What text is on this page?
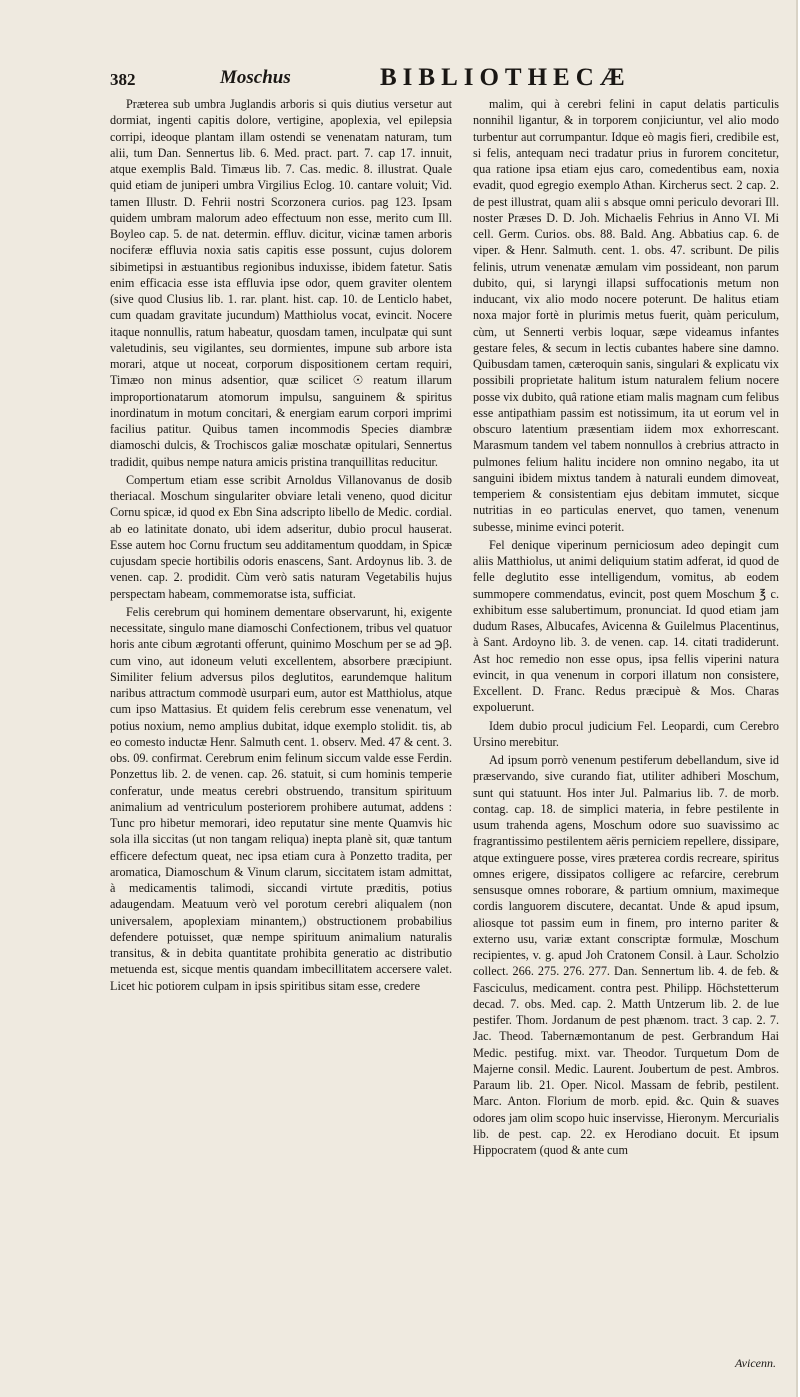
382	Moschus	BIBLIOTHECÆ

Præterea sub umbra Juglandis arboris si quis diutius versetur aut dormiat, ingenti capitis dolore, vertigine, apoplexia, vel epilepsia corripi, ideoque plantam illam ostendi se venenatam naturam, tum alii, tum Dan. Sennertus lib. 6. Med. pract. part. 7. cap 17. innuit, atque exemplis Bald. Timæus lib. 7. Cas. medic. 8. illustrat. Quale quid etiam de juniperi umbra Virgilius Eclog. 10. cantare voluit; Vid. tamen Illustr. D. Fehrii nostri Scorzonera curios. pag 123. Ipsam quidem umbram malorum adeo effectuum non esse, merito cum Ill. Boyleo cap. 5. de nat. determin. effluv. dicitur, vicinæ tamen arboris nociferæ effluvia noxia satis capitis esse possunt, cujus dolorem sibimetipsi in æstuantibus regionibus induxisse, ibidem fatetur. Satis enim efficacia esse ista effluvia ipse odor, quem graviter olentem (sive quod Clusius lib. 1. rar. plant. hist. cap. 10. de Lenticlo habet, cum quadam gravitate jucundum) Matthiolus vocat, evincit. Nocere itaque nonnullis, ratum habeatur, quosdam tamen, inculpatæ qui sunt valetudinis, seu vigilantes, seu dormientes, impune sub arbore ista morari, atque ut noceat, corporum dispositionem certam requiri, Timæo non minus adsentior, quæ scilicet ☉ reatum illarum improportionatarum atomorum impulsu, sanguinem & spiritus inordinatum in motum concitari, & energiam earum corpori imprimi facilius patitur. Quibus tamen incommodis Species diambræ diamoschi dulcis, & Trochiscos galiæ moschatæ opitulari, Sennertus tradidit, quibus nempe natura amicis pristina tranquillitas reducitur.

Compertum etiam esse scribit Arnoldus Villanovanus de dosib theriacal. Moschum singulariter obviare letali veneno, quod dicitur Cornu spicæ, id quod ex Ebn Sina adscripto libello de Medic. cordial. ab eo latinitate donato, ubi idem adseritur, dubio procul hauserat. Esse autem hoc Cornu fructum seu additamentum quoddam, in Spicæ cujusdam specie hortibilis odoris enascens, Sant. Ardoynus lib. 3. de venen. cap. 2. prodidit. Cùm verò satis naturam Vegetabilis hujus perspectam habeam, commemoratse ista, sufficiat.

Felis cerebrum qui hominem dementare observarunt, hi, exigente necessitate, singulo mane diamoschi Confectionem, tribus vel quatuor horis ante cibum ægrotanti offerunt, quinimo Moschum per se ad ℈β. cum vino, aut idoneum veluti excellentem, absorbere præcipiunt. Similiter felium adversus pilos deglutitos, earundemque halitum naribus attractum commodè usurpari eum, autor est Matthiolus, atque cum ipso Mattasius. Et quidem felis cerebrum esse venenatum, vel potius noxium, nemo amplius dubitat, idque exemplo stolidit. tis, ab eo comesto inductæ Henr. Salmuth cent. 1. observ. Med. 47 & cent. 3. obs. 09. confirmat. Cerebrum enim felinum siccum valde esse Ferdin. Ponzettus lib. 2. de venen. cap. 26. statuit, si cum hominis temperie conferatur, unde meatus cerebri obstruendo, transitum spirituum animalium ad ventriculum posteriorem prohibere autumat, addens : Tunc pro hibetur memorari, ideo reputatur sine mente Quamvis hic sola illa siccitas (ut non tangam reliqua) inepta planè sit, quæ tantum efficere defectum queat, nec ipsa etiam cura à Ponzetto tradita, per aromatica, Diamoschum & Vinum clarum, siccitatem istam admittat, à medicamentis talimodi, siccandi virtute præditis, potius adaugendam. Meatuum verò vel porotum cerebri aliqualem (non universalem, apoplexiam minantem,) obstructionem probabilius defendere potuisset, quæ nempe spirituum animalium naturalis transitus, & in debita quantitate prohibita generatio ac distributio metuenda est, sicque mentis quandam imbecillitatem accersere valet. Licet hic potiorem culpam in ipsis spiritibus sitam esse, credere

malim, qui à cerebri felini in caput delatis particulis nonnihil ligantur, & in torporem conjiciuntur, vel alio modo turbentur aut corrumpantur. Idque eò magis fieri, credibile est, si felis, antequam neci tradatur prius in furorem concitetur, qua ratione ipsa etiam ejus caro, comedentibus eam, noxia evadit, quod egregio exemplo Athan. Kircherus sect. 2 cap. 2. de pest illustrat, quam alii s absque omni periculo devorari Ill. noster Præses D. D. Joh. Michaelis Fehrius in Anno VI. Mi cell. Germ. Curios. obs. 88. Bald. Ang. Abbatius cap. 6. de viper. & Henr. Salmuth. cent. 1. obs. 47. scribunt. De pilis felinis, utrum venenatæ æmulam vim possideant, non parum dubito, qui, si laryngi illapsi suffocationis metum non inducant, vix alio modo nocere poterunt. De halitus etiam noxa major fortè in plurimis metus fuerit, quàm periculum, cùm, ut Sennerti verbis loquar, sæpe videamus infantes gestare feles, & secum in lectis cubantes habere sine damno. Quibusdam tamen, cæteroquin sanis, singulari & explicatu vix possibili proprietate halitum istum naturalem felium nocere posse vix dubito, quâ ratione etiam malis magnam cum felibus esse antipathiam passim est notissimum, ita ut eorum vel in obscuro latentium præsentiam iidem mox exhorrescant. Marasmum tandem vel tabem nonnullos à crebrius attracto in pulmones felium halitu incidere non omnino negabo, ita ut sanguini ibidem mixtus tandem à naturali eundem dimoveat, temperiem & consistentiam ejus debitam immutet, sicque nutritias in eo particulas enervet, quo tamen, venenum subesse, minime evinci poterit.

Fel denique viperinum perniciosum adeo depingit cum aliis Matthiolus, ut animi deliquium statim adferat, id quod de felle deglutito esse intelligendum, vomitus, ab eodem summopere commendatus, evincit, post quem Moschum ℥ c. exhibitum esse salubertimum, pronunciat. Id quod etiam jam dudum Rases, Albucafes, Avicenna & Guilelmus Placentinus, à Sant. Ardoyno lib. 3. de venen. cap. 14. citati tradiderunt. Ast hoc remedio non esse opus, ipsa fellis viperini natura evincit, in qua venenum in corpori illatum non consistere, Excellent. D. Franc. Redus præcipuè & Mos. Charas expoluerunt.

Idem dubio procul judicium Fel. Leopardi, cum Cerebro Ursino merebitur.

Ad ipsum porrò venenum pestiferum debellandum, sive id præservando, sive curando fiat, utiliter adhiberi Moschum, sunt qui statuunt. Hos inter Jul. Palmarius lib. 7. de morb. contag. cap. 18. de simplici materia, in febre pestilente in usum trahenda agens, Moschum odore suo suavissimo ac fragrantissimo pestilentem aëris perniciem repellere, dissipare, atque extinguere posse, vires præterea cordis recreare, spiritus omnes erigere, dissipatos colligere ac refarcire, cerebrum sensusque omnes roborare, & partium omnium, maximeque cordis languorem discutere, decantat. Unde & apud ipsum, aliosque tot passim eum in finem, pro interno pariter & externo usu, variæ extant conscriptæ formulæ, Moschum recipientes, v. g. apud Joh Cratonem Consil. à Laur. Scholzio collect. 266. 275. 276. 277. Dan. Sennertum lib. 4. de feb. & Fasciculus, medicament. contra pest. Philipp. Höchstetterum decad. 7. obs. Med. cap. 2. Matth Untzerum lib. 2. de lue pestifer. Thom. Jordanum de pest phænom. tract. 3 cap. 2. 7. Jac. Theod. Tabernæmontanum de pest. Gerbrandum Hai Medic. pestifug. mixt. var. Theodor. Turquetum Dom de Majerne consil. Medic. Laurent. Joubertum de pest. Ambros. Paraum lib. 21. Oper. Nicol. Massam de febrib, pestilent. Marc. Anton. Florium de morb. epid. &c. Quin & suaves odores jam olim scopo huic inservisse, Hieronym. Mercurialis lib. de pest. cap. 22. ex Herodiano docuit. Et ipsum Hippocratem (quod & ante cum

Avicenn.
